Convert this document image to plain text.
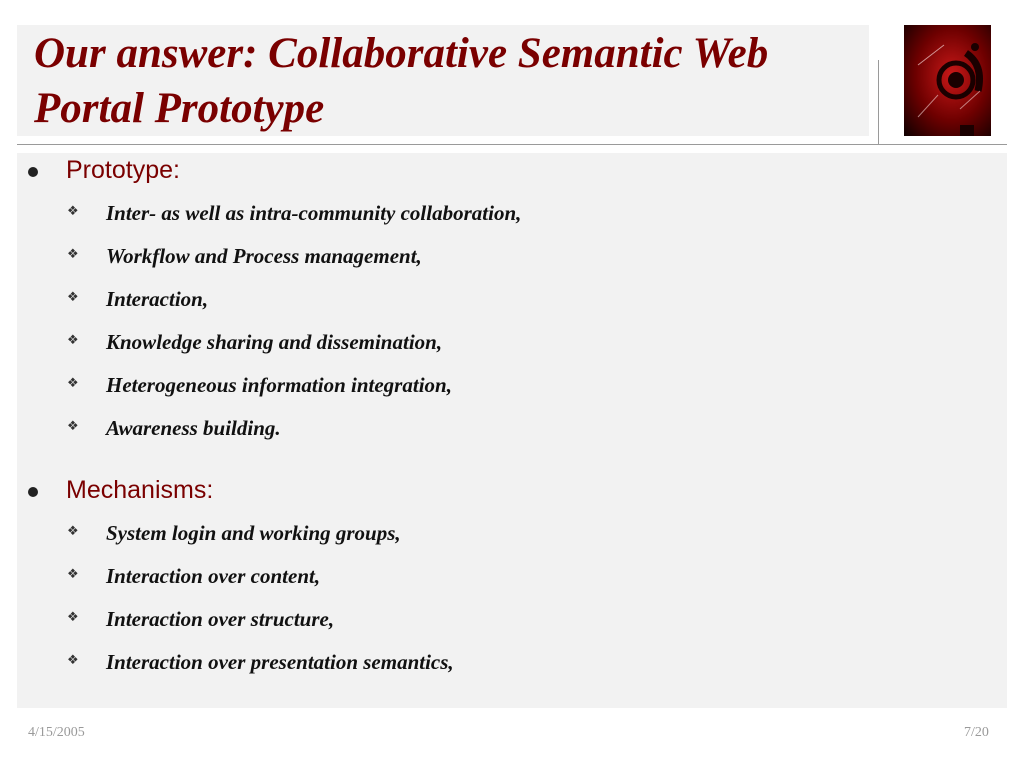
Our answer: Collaborative Semantic Web Portal Prototype
Prototype:
❖ Inter- as well as intra-community collaboration,
❖ Workflow and Process management,
❖ Interaction,
❖ Knowledge sharing and dissemination,
❖ Heterogeneous information integration,
❖ Awareness building.
Mechanisms:
❖ System login and working groups,
❖ Interaction over content,
❖ Interaction over structure,
❖ Interaction over presentation semantics,
4/15/2005	7/20
